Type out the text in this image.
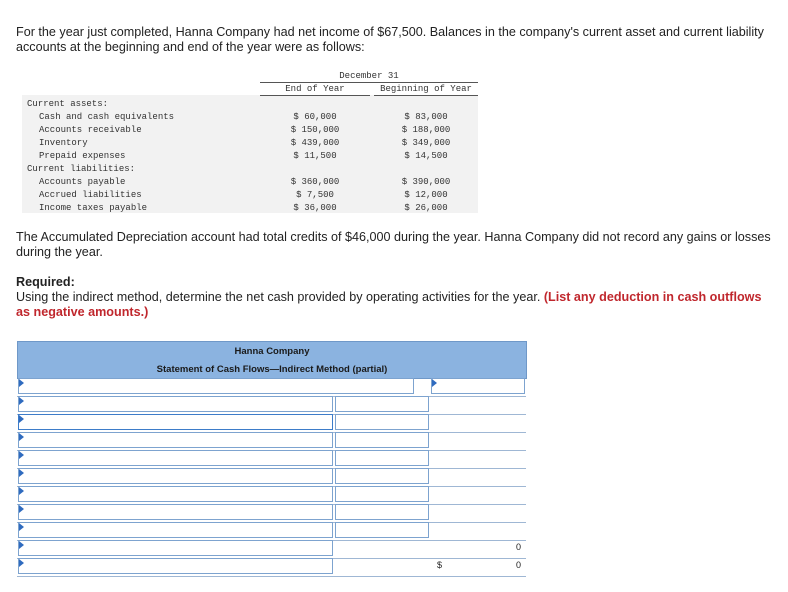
For the year just completed, Hanna Company had net income of $67,500. Balances in the company's current asset and current liability accounts at the beginning and end of the year were as follows:
December 31
End of Year	Beginning of Year
Current assets:
Cash and cash equivalents	$ 60,000	$ 83,000
Accounts receivable	$ 150,000	$ 188,000
Inventory	$ 439,000	$ 349,000
Prepaid expenses	$ 11,500	$ 14,500
Current liabilities:
Accounts payable	$ 360,000	$ 390,000
Accrued liabilities	$ 7,500	$ 12,000
Income taxes payable	$ 36,000	$ 26,000
The Accumulated Depreciation account had total credits of $46,000 during the year. Hanna Company did not record any gains or losses during the year.
Required:
Using the indirect method, determine the net cash provided by operating activities for the year. (List any deduction in cash outflows as negative amounts.)
Hanna Company
Statement of Cash Flows—Indirect Method (partial)
0
$	0
